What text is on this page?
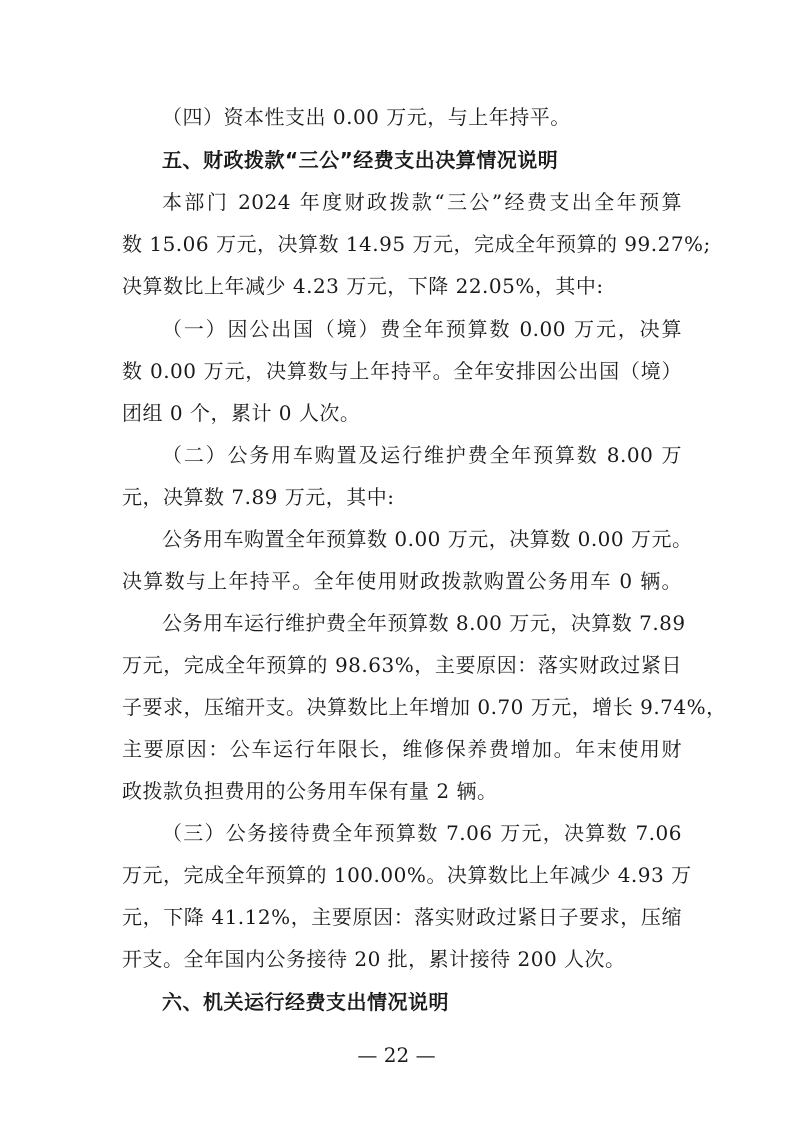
（四）资本性支出 0.00 万元，与上年持平。
五、财政拨款“三公”经费支出决算情况说明
本部门 2024 年度财政拨款“三公”经费支出全年预算
数 15.06 万元，决算数 14.95 万元，完成全年预算的 99.27%;
决算数比上年减少 4.23 万元，下降 22.05%，其中:
（一）因公出国（境）费全年预算数 0.00 万元，决算
数 0.00 万元，决算数与上年持平。全年安排因公出国（境）
团组 0 个，累计 0 人次。
（二）公务用车购置及运行维护费全年预算数 8.00 万
元，决算数 7.89 万元，其中:
公务用车购置全年预算数 0.00 万元，决算数 0.00 万元。
决算数与上年持平。全年使用财政拨款购置公务用车 0 辆。
公务用车运行维护费全年预算数 8.00 万元，决算数 7.89
万元，完成全年预算的 98.63%，主要原因：落实财政过紧日
子要求，压缩开支。决算数比上年增加 0.70 万元，增长 9.74%，
主要原因：公车运行年限长，维修保养费增加。年末使用财
政拨款负担费用的公务用车保有量 2 辆。
（三）公务接待费全年预算数 7.06 万元，决算数 7.06
万元，完成全年预算的 100.00%。决算数比上年减少 4.93 万
元，下降 41.12%，主要原因：落实财政过紧日子要求，压缩
开支。全年国内公务接待 20 批，累计接待 200 人次。
六、机关运行经费支出情况说明
— 22 —
